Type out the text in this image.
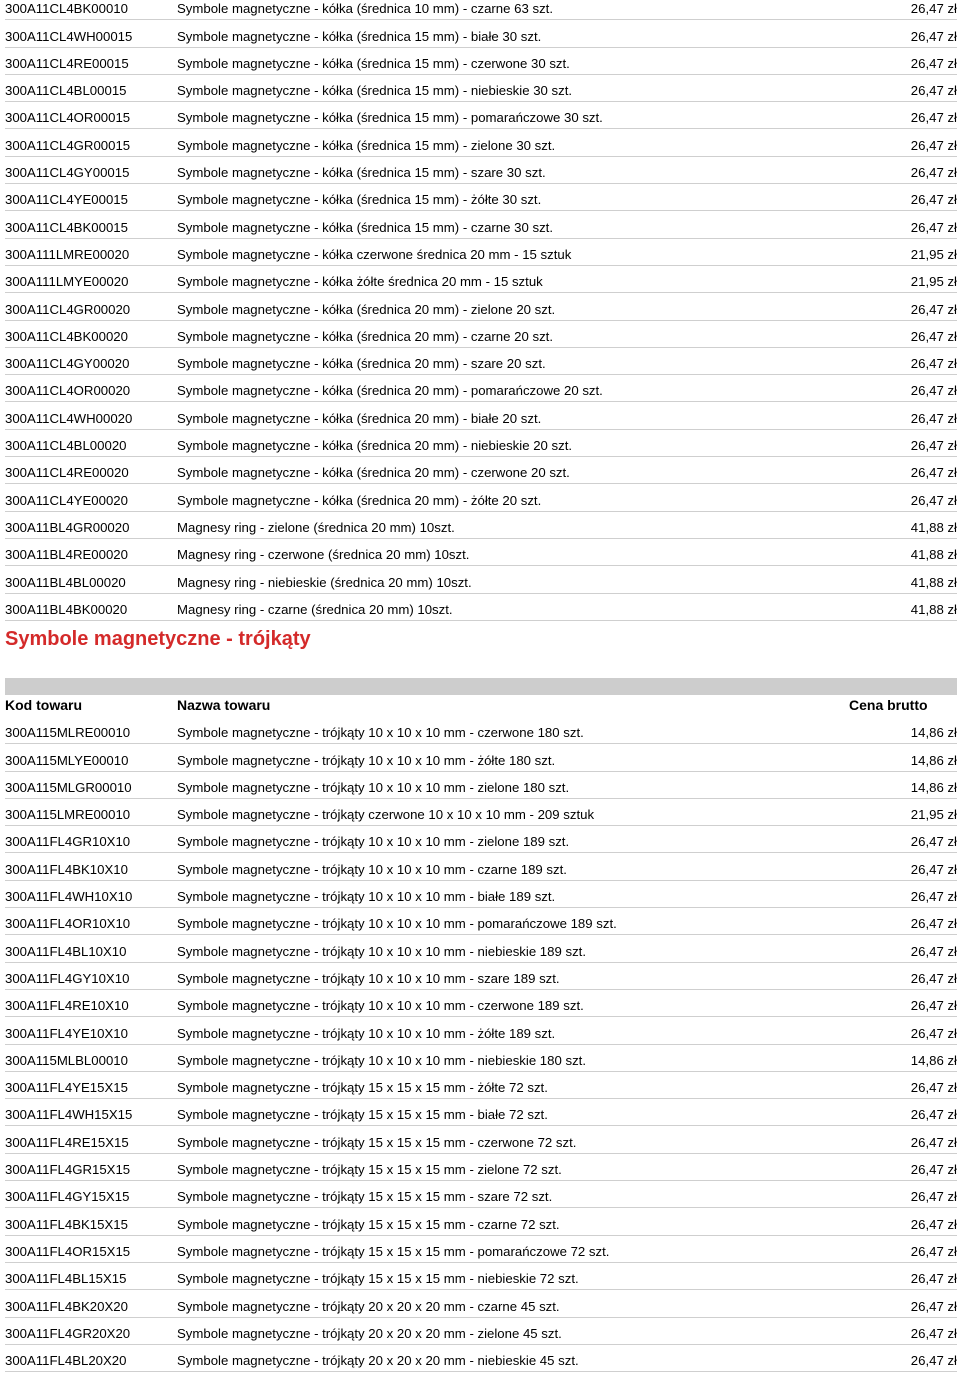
300A11CL4BK00010	Symbole magnetyczne - kółka (średnica 10 mm) - czarne 63 szt.	26,47 zł
300A11CL4WH00015	Symbole magnetyczne - kółka (średnica 15 mm) - białe 30 szt.	26,47 zł
300A11CL4RE00015	Symbole magnetyczne - kółka (średnica 15 mm) - czerwone 30 szt.	26,47 zł
300A11CL4BL00015	Symbole magnetyczne - kółka (średnica 15 mm) - niebieskie 30 szt.	26,47 zł
300A11CL4OR00015	Symbole magnetyczne - kółka (średnica 15 mm) - pomarańczowe 30 szt.	26,47 zł
300A11CL4GR00015	Symbole magnetyczne - kółka (średnica 15 mm) - zielone 30 szt.	26,47 zł
300A11CL4GY00015	Symbole magnetyczne - kółka (średnica 15 mm) - szare 30 szt.	26,47 zł
300A11CL4YE00015	Symbole magnetyczne - kółka (średnica 15 mm) - żółte 30 szt.	26,47 zł
300A11CL4BK00015	Symbole magnetyczne - kółka (średnica 15 mm) - czarne 30 szt.	26,47 zł
300A111LMRE00020	Symbole magnetyczne - kółka czerwone średnica 20 mm - 15 sztuk	21,95 zł
300A111LMYE00020	Symbole magnetyczne - kółka żółte średnica 20 mm - 15 sztuk	21,95 zł
300A11CL4GR00020	Symbole magnetyczne - kółka (średnica 20 mm) - zielone 20 szt.	26,47 zł
300A11CL4BK00020	Symbole magnetyczne - kółka (średnica 20 mm) - czarne 20 szt.	26,47 zł
300A11CL4GY00020	Symbole magnetyczne - kółka (średnica 20 mm) - szare 20 szt.	26,47 zł
300A11CL4OR00020	Symbole magnetyczne - kółka (średnica 20 mm) - pomarańczowe 20 szt.	26,47 zł
300A11CL4WH00020	Symbole magnetyczne - kółka (średnica 20 mm) - białe 20 szt.	26,47 zł
300A11CL4BL00020	Symbole magnetyczne - kółka (średnica 20 mm) - niebieskie 20 szt.	26,47 zł
300A11CL4RE00020	Symbole magnetyczne - kółka (średnica 20 mm) - czerwone 20 szt.	26,47 zł
300A11CL4YE00020	Symbole magnetyczne - kółka (średnica 20 mm) - żółte 20 szt.	26,47 zł
300A11BL4GR00020	Magnesy ring - zielone (średnica 20 mm) 10szt.	41,88 zł
300A11BL4RE00020	Magnesy ring - czerwone (średnica 20 mm) 10szt.	41,88 zł
300A11BL4BL00020	Magnesy ring - niebieskie (średnica 20 mm) 10szt.	41,88 zł
300A11BL4BK00020	Magnesy ring - czarne (średnica 20 mm) 10szt.	41,88 zł
Symbole magnetyczne - trójkąty
Kod towaru	Nazwa towaru	Cena brutto
300A115MLRE00010	Symbole magnetyczne - trójkąty 10 x 10 x 10 mm - czerwone 180 szt.	14,86 zł
300A115MLYE00010	Symbole magnetyczne - trójkąty 10 x 10 x 10 mm - żółte 180 szt.	14,86 zł
300A115MLGR00010	Symbole magnetyczne - trójkąty 10 x 10 x 10 mm - zielone 180 szt.	14,86 zł
300A115LMRE00010	Symbole magnetyczne - trójkąty czerwone 10 x 10 x 10 mm - 209 sztuk	21,95 zł
300A11FL4GR10X10	Symbole magnetyczne - trójkąty 10 x 10 x 10 mm - zielone 189 szt.	26,47 zł
300A11FL4BK10X10	Symbole magnetyczne - trójkąty 10 x 10 x 10 mm - czarne 189 szt.	26,47 zł
300A11FL4WH10X10	Symbole magnetyczne - trójkąty 10 x 10 x 10 mm - białe 189 szt.	26,47 zł
300A11FL4OR10X10	Symbole magnetyczne - trójkąty 10 x 10 x 10 mm - pomarańczowe 189 szt.	26,47 zł
300A11FL4BL10X10	Symbole magnetyczne - trójkąty 10 x 10 x 10 mm - niebieskie 189 szt.	26,47 zł
300A11FL4GY10X10	Symbole magnetyczne - trójkąty 10 x 10 x 10 mm - szare 189 szt.	26,47 zł
300A11FL4RE10X10	Symbole magnetyczne - trójkąty 10 x 10 x 10 mm - czerwone 189 szt.	26,47 zł
300A11FL4YE10X10	Symbole magnetyczne - trójkąty 10 x 10 x 10 mm - żółte 189 szt.	26,47 zł
300A115MLBL00010	Symbole magnetyczne - trójkąty 10 x 10 x 10 mm - niebieskie 180 szt.	14,86 zł
300A11FL4YE15X15	Symbole magnetyczne - trójkąty 15 x 15 x 15 mm - żółte 72 szt.	26,47 zł
300A11FL4WH15X15	Symbole magnetyczne - trójkąty 15 x 15 x 15 mm - białe 72 szt.	26,47 zł
300A11FL4RE15X15	Symbole magnetyczne - trójkąty 15 x 15 x 15 mm - czerwone 72 szt.	26,47 zł
300A11FL4GR15X15	Symbole magnetyczne - trójkąty 15 x 15 x 15 mm - zielone 72 szt.	26,47 zł
300A11FL4GY15X15	Symbole magnetyczne - trójkąty 15 x 15 x 15 mm - szare 72 szt.	26,47 zł
300A11FL4BK15X15	Symbole magnetyczne - trójkąty 15 x 15 x 15 mm - czarne 72 szt.	26,47 zł
300A11FL4OR15X15	Symbole magnetyczne - trójkąty 15 x 15 x 15 mm - pomarańczowe 72 szt.	26,47 zł
300A11FL4BL15X15	Symbole magnetyczne - trójkąty 15 x 15 x 15 mm - niebieskie 72 szt.	26,47 zł
300A11FL4BK20X20	Symbole magnetyczne - trójkąty 20 x 20 x 20 mm - czarne 45 szt.	26,47 zł
300A11FL4GR20X20	Symbole magnetyczne - trójkąty 20 x 20 x 20 mm - zielone 45 szt.	26,47 zł
300A11FL4BL20X20	Symbole magnetyczne - trójkąty 20 x 20 x 20 mm - niebieskie 45 szt.	26,47 zł
